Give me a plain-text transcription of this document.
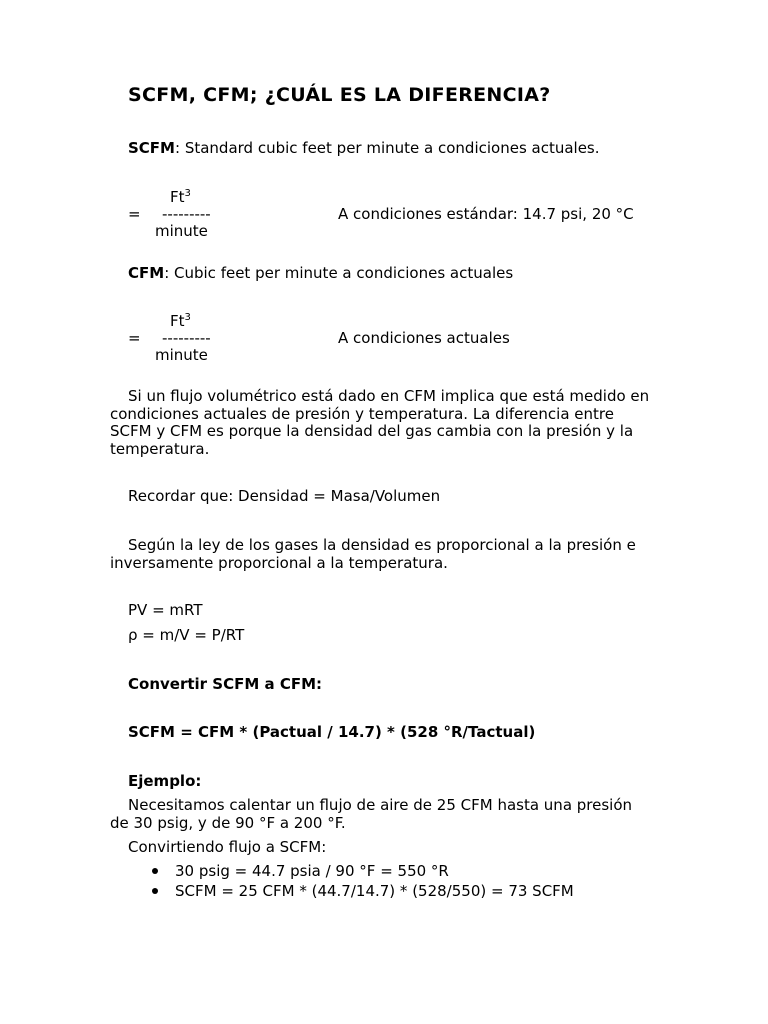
SCFM, CFM; ¿CUÁL ES LA DIFERENCIA?
SCFM: Standard cubic feet per minute a condiciones actuales.
$Ft^3$
= ---------
minute
A condiciones estándar: 14.7 psi, 20 °C
CFM: Cubic feet per minute a condiciones actuales
$Ft^3$
= ---------
minute
A condiciones actuales
Si un flujo volumétrico está dado en CFM implica que está medido en condiciones actuales de presión y temperatura. La diferencia entre SCFM y CFM es porque la densidad del gas cambia con la presión y la temperatura.
Recordar que: Densidad = Masa/Volumen
Según la ley de los gases la densidad es proporcional a la presión e inversamente proporcional a la temperatura.
PV = mRT
ρ = m/V = P/RT
Convertir SCFM a CFM:
SCFM = CFM * (Pactual / 14.7) * (528 °R/Tactual)
Ejemplo:
Necesitamos calentar un flujo de aire de 25 CFM hasta una presión de 30 psig, y de 90 °F a 200 °F.
Convirtiendo flujo a SCFM:
30 psig = 44.7 psia / 90 °F = 550 °R
SCFM = 25 CFM * (44.7/14.7) * (528/550) = 73 SCFM
